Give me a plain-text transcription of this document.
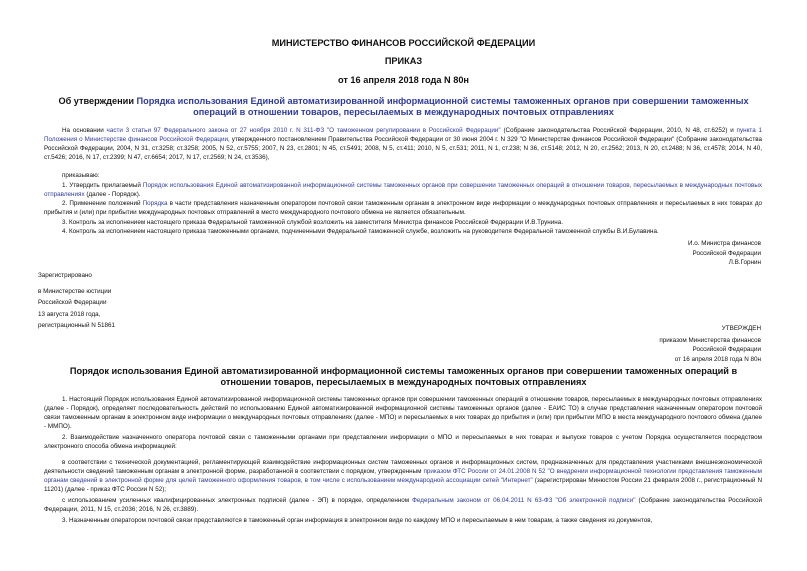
МИНИСТЕРСТВО ФИНАНСОВ РОССИЙСКОЙ ФЕДЕРАЦИИ

ПРИКАЗ

от 16 апреля 2018 года N 80н

Об утверждении Порядка использования Единой автоматизированной информационной системы таможенных органов при совершении таможенных операций в отношении товаров, пересылаемых в международных почтовых отправлениях

На основании части 3 статьи 97 Федерального закона от 27 ноября 2010 г. N 311-ФЗ "О таможенном регулировании в Российской Федерации" (Собрание законодательства Российской Федерации, 2010, N 48, ст.6252) и пункта 1 Положения о Министерстве финансов Российской Федерации, утвержденного постановлением Правительства Российской Федерации от 30 июня 2004 г. N 329 "О Министерстве финансов Российской Федерации" (Собрание законодательства Российской Федерации, 2004, N 31, ст.3258; ст.3258; 2005, N 52, ст.5755; 2007, N 23, ст.2801; N 45, ст.5491; 2008, N 5, ст.411; 2010, N 5, ст.531; 2011, N 1, ст.238; N 36, ст.5148; 2012, N 20, ст.2562; 2013, N 20, ст.2488; N 36, ст.4578; 2014, N 40, ст.5426; 2016, N 17, ст.2399; N 47, ст.6654; 2017, N 17, ст.2569; N 24, ст.3536),

приказываю:

1. Утвердить прилагаемый Порядок использования Единой автоматизированной информационной системы таможенных органов при совершении таможенных операций в отношении товаров, пересылаемых в международных почтовых отправлениях (далее - Порядок).

2. Применение положений Порядка в части представления назначенным оператором почтовой связи таможенным органам в электронном виде информации о международных почтовых отправлениях и пересылаемых в них товарах до прибытия и (или) при прибытии международных почтовых отправлений в место международного почтового обмена не является обязательным.

3. Контроль за исполнением настоящего приказа Федеральной таможенной службой возложить на заместителя Министра финансов Российской Федерации И.В.Трунина.

4. Контроль за исполнением настоящего приказа таможенными органами, подчиненными Федеральной таможенной службе, возложить на руководителя Федеральной таможенной службы В.И.Булавина.

И.о. Министра финансов
Российской Федерации
Л.В.Горнин
Зарегистрировано
в Министерстве юстиции
Российской Федерации
13 августа 2018 года,
регистрационный N 51861	УТВЕРЖДЕН
приказом Министерства финансов
Российской Федерации
от 16 апреля 2018 года N 80н

Порядок использования Единой автоматизированной информационной системы таможенных органов при совершении таможенных операций в отношении товаров, пересылаемых в международных почтовых отправлениях

1. Настоящий Порядок использования Единой автоматизированной информационной системы таможенных органов при совершении таможенных операций в отношении товаров, пересылаемых в международных почтовых отправлениях (далее - Порядок), определяет последовательность действий по использованию Единой автоматизированной информационной системы таможенных органов (далее - ЕАИС ТО) в случае представления назначенным оператором почтовой связи таможенным органам в электронном виде информации о международных почтовых отправлениях (далее - МПО) и пересылаемых в них товарах до прибытия и (или) при прибытии МПО в места международного почтового обмена (далее - ММПО).

2. Взаимодействие назначенного оператора почтовой связи с таможенными органами при представлении информации о МПО и пересылаемых в них товарах и выпуске товаров с учетом Порядка осуществляется посредством электронного способа обмена информацией:

в соответствии с технической документацией, регламентирующей взаимодействие информационных систем таможенных органов и информационных систем, предназначенных для представления участниками внешнеэкономической деятельности сведений таможенным органам в электронной форме, разработанной в соответствии с порядком, утвержденным приказом ФТС России от 24.01.2008 N 52 "О внедрении информационной технологии представления таможенным органам сведений в электронной форме для целей таможенного оформления товаров, в том числе с использованием международной ассоциации сетей "Интернет" (зарегистрирован Минюстом России 21 февраля 2008 г., регистрационный N 11201) (далее - приказ ФТС России N 52);

с использованием усиленных квалифицированных электронных подписей (далее - ЭП) в порядке, определенном Федеральным законом от 06.04.2011 N 63-ФЗ "Об электронной подписи" (Собрание законодательства Российской Федерации, 2011, N 15, ст.2036; 2016, N 26, ст.3889).

3. Назначенным оператором почтовой связи представляются в таможенный орган информация в электронном виде по каждому МПО и пересылаемым в нем товарам, а также сведения из документов,
